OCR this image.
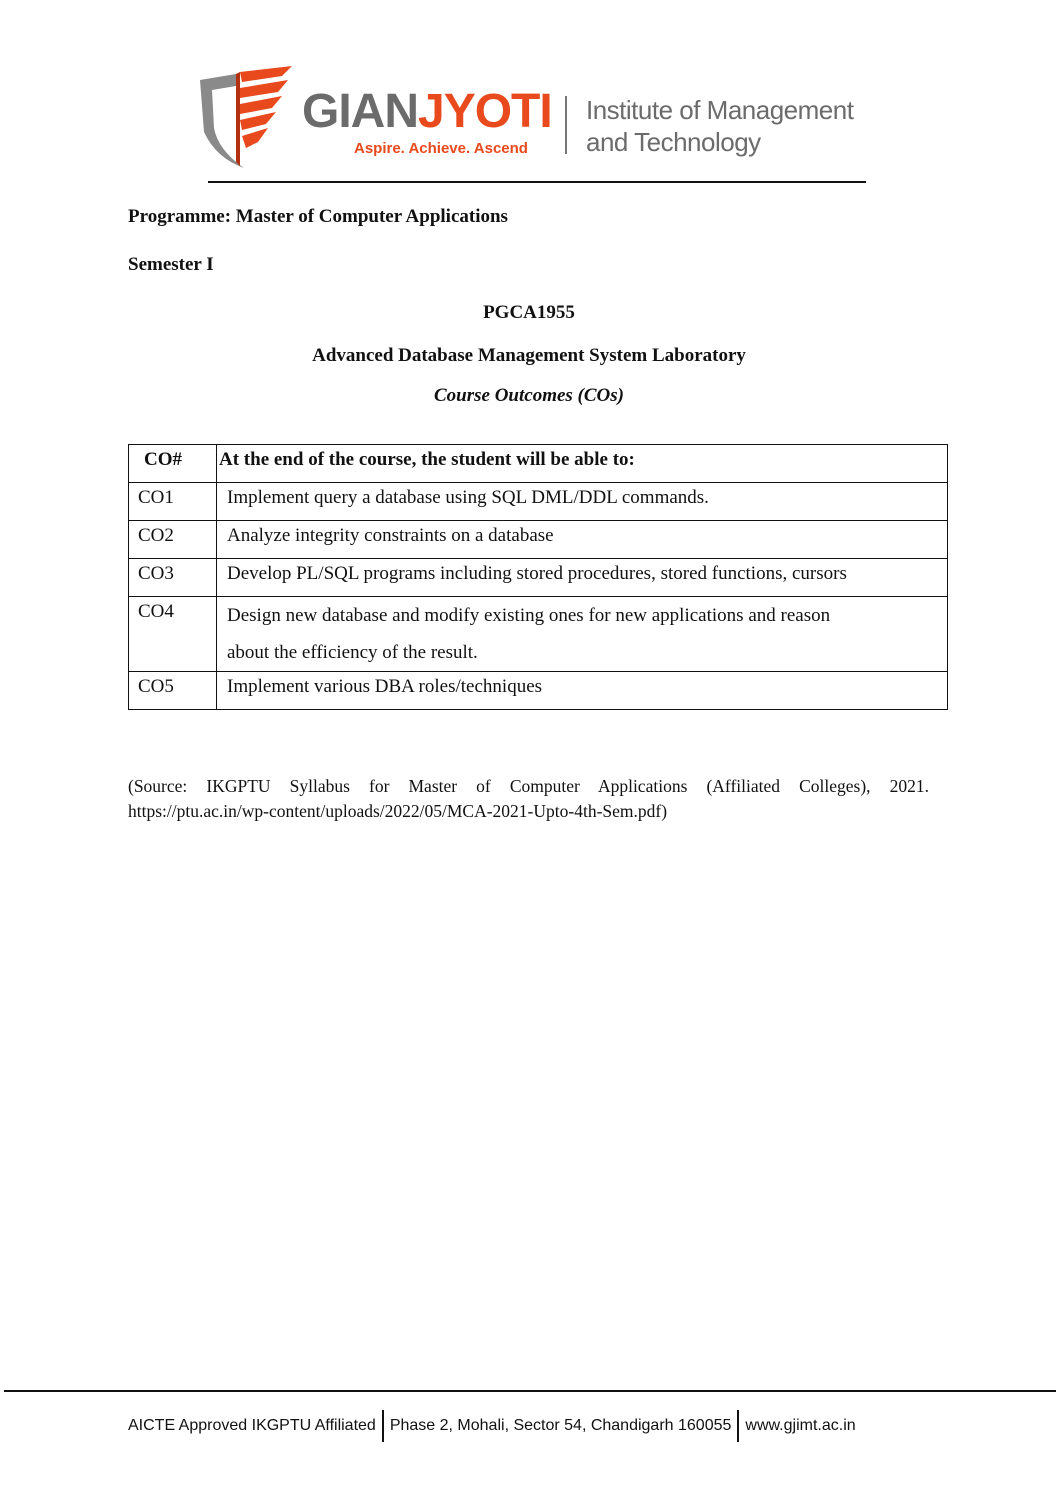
GIANJYOTI
Aspire. Achieve. Ascend
Institute of Management
and Technology
Programme: Master of Computer Applications
Semester I
PGCA1955
Advanced Database Management System Laboratory
Course Outcomes (COs)
CO#	At the end of the course, the student will be able to:
CO1	Implement query a database using SQL DML/DDL commands.
CO2	Analyze integrity constraints on a database
CO3	Develop PL/SQL programs including stored procedures, stored functions, cursors
CO4	Design new database and modify existing ones for new applications and reason
about the efficiency of the result.

CO5	Implement various DBA roles/techniques
(Source: IKGPTU Syllabus for Master of Computer Applications (Affiliated Colleges), 2021.
https://ptu.ac.in/wp-content/uploads/2022/05/MCA-2021-Upto-4th-Sem.pdf)
AICTE Approved IKGPTU Affiliated Phase 2, Mohali, Sector 54, Chandigarh 160055 www.gjimt.ac.in
